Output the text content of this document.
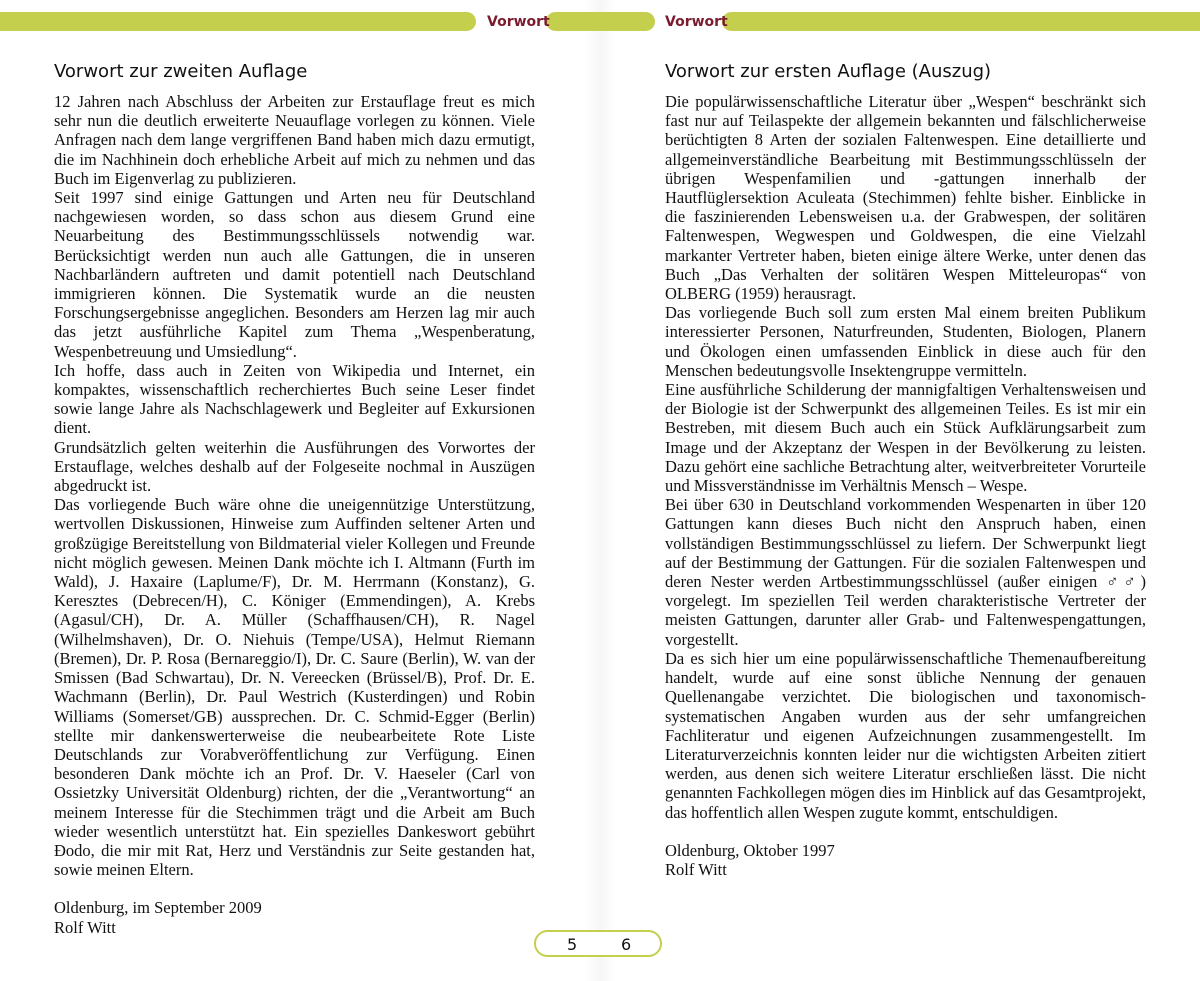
Vorwort	Vorwort
Vorwort zur zweiten Auflage

12 Jahren nach Abschluss der Arbeiten zur Erstauflage freut es mich sehr nun die deutlich erweiterte Neuauflage vorlegen zu können. Viele Anfragen nach dem lange vergriffenen Band haben mich dazu ermutigt, die im Nachhinein doch erhebliche Arbeit auf mich zu nehmen und das Buch im Eigenverlag zu publizieren.

Seit 1997 sind einige Gattungen und Arten neu für Deutschland nachgewiesen worden, so dass schon aus diesem Grund eine Neuarbeitung des Bestimmungsschlüssels notwendig war. Berücksichtigt werden nun auch alle Gattungen, die in unseren Nachbarländern auftreten und damit potentiell nach Deutschland immigrieren können. Die Systematik wurde an die neusten Forschungsergebnisse angeglichen. Besonders am Herzen lag mir auch das jetzt ausführliche Kapitel zum Thema „Wespenberatung, Wespenbetreuung und Umsiedlung“.

Ich hoffe, dass auch in Zeiten von Wikipedia und Internet, ein kompaktes, wissenschaftlich recherchiertes Buch seine Leser findet sowie lange Jahre als Nachschlagewerk und Begleiter auf Exkursionen dient.

Grundsätzlich gelten weiterhin die Ausführungen des Vorwortes der Erstauflage, welches deshalb auf der Folgeseite nochmal in Auszügen abgedruckt ist.

Das vorliegende Buch wäre ohne die uneigennützige Unterstützung, wertvollen Diskussionen, Hinweise zum Auffinden seltener Arten und großzügige Bereitstellung von Bildmaterial vieler Kollegen und Freunde nicht möglich gewesen. Meinen Dank möchte ich I. Altmann (Furth im Wald), J. Haxaire (Laplume/F), Dr. M. Herrmann (Konstanz), G. Keresztes (Debrecen/H), C. Königer (Emmendingen), A. Krebs (Agasul/CH), Dr. A. Müller (Schaffhausen/CH), R. Nagel (Wilhelmshaven), Dr. O. Niehuis (Tempe/USA), Helmut Riemann (Bremen), Dr. P. Rosa (Bernareggio/I), Dr. C. Saure (Berlin), W. van der Smissen (Bad Schwartau), Dr. N. Vereecken (Brüssel/B), Prof. Dr. E. Wachmann (Berlin), Dr. Paul Westrich (Kusterdingen) und Robin Williams (Somerset/GB) aussprechen. Dr. C. Schmid-Egger (Berlin) stellte mir dankenswerterweise die neubearbeitete Rote Liste Deutschlands zur Vorabveröffentlichung zur Verfügung. Einen besonderen Dank möchte ich an Prof. Dr. V. Haeseler (Carl von Ossietzky Universität Oldenburg) richten, der die „Verantwortung“ an meinem Interesse für die Stechimmen trägt und die Arbeit am Buch wieder wesentlich unterstützt hat. Ein spezielles Dankeswort gebührt Đodo, die mir mit Rat, Herz und Verständnis zur Seite gestanden hat, sowie meinen Eltern.

Oldenburg, im September 2009
Rolf Witt
Vorwort zur ersten Auflage (Auszug)

Die populärwissenschaftliche Literatur über „Wespen“ beschränkt sich fast nur auf Teilaspekte der allgemein bekannten und fälschlicherweise berüchtigten 8 Arten der sozialen Faltenwespen. Eine detaillierte und allgemeinverständliche Bearbeitung mit Bestimmungsschlüsseln der übrigen Wespenfamilien und -gattungen innerhalb der Hautflüglersektion Aculeata (Stechimmen) fehlte bisher. Einblicke in die faszinierenden Lebensweisen u.a. der Grabwespen, der solitären Faltenwespen, Wegwespen und Goldwespen, die eine Vielzahl markanter Vertreter haben, bieten einige ältere Werke, unter denen das Buch „Das Verhalten der solitären Wespen Mitteleuropas“ von OLBERG (1959) herausragt.

Das vorliegende Buch soll zum ersten Mal einem breiten Publikum interessierter Personen, Naturfreunden, Studenten, Biologen, Planern und Ökologen einen umfassenden Einblick in diese auch für den Menschen bedeutungsvolle Insektengruppe vermitteln.

Eine ausführliche Schilderung der mannigfaltigen Verhaltensweisen und der Biologie ist der Schwerpunkt des allgemeinen Teiles. Es ist mir ein Bestreben, mit diesem Buch auch ein Stück Aufklärungsarbeit zum Image und der Akzeptanz der Wespen in der Bevölkerung zu leisten. Dazu gehört eine sachliche Betrachtung alter, weitverbreiteter Vorurteile und Missverständnisse im Verhältnis Mensch – Wespe.

Bei über 630 in Deutschland vorkommenden Wespenarten in über 120 Gattungen kann dieses Buch nicht den Anspruch haben, einen vollständigen Bestimmungsschlüssel zu liefern. Der Schwerpunkt liegt auf der Bestimmung der Gattungen. Für die sozialen Faltenwespen und deren Nester werden Artbestimmungsschlüssel (außer einigen ♂♂) vorgelegt. Im speziellen Teil werden charakteristische Vertreter der meisten Gattungen, darunter aller Grab- und Faltenwespengattungen, vorgestellt.

Da es sich hier um eine populärwissenschaftliche Themenaufbereitung handelt, wurde auf eine sonst übliche Nennung der genauen Quellenangabe verzichtet. Die biologischen und taxonomisch-systematischen Angaben wurden aus der sehr umfangreichen Fachliteratur und eigenen Aufzeichnungen zusammengestellt. Im Literaturverzeichnis konnten leider nur die wichtigsten Arbeiten zitiert werden, aus denen sich weitere Literatur erschließen lässt. Die nicht genannten Fachkollegen mögen dies im Hinblick auf das Gesamtprojekt, das hoffentlich allen Wespen zugute kommt, entschuldigen.

Oldenburg, Oktober 1997
Rolf Witt
5	6
